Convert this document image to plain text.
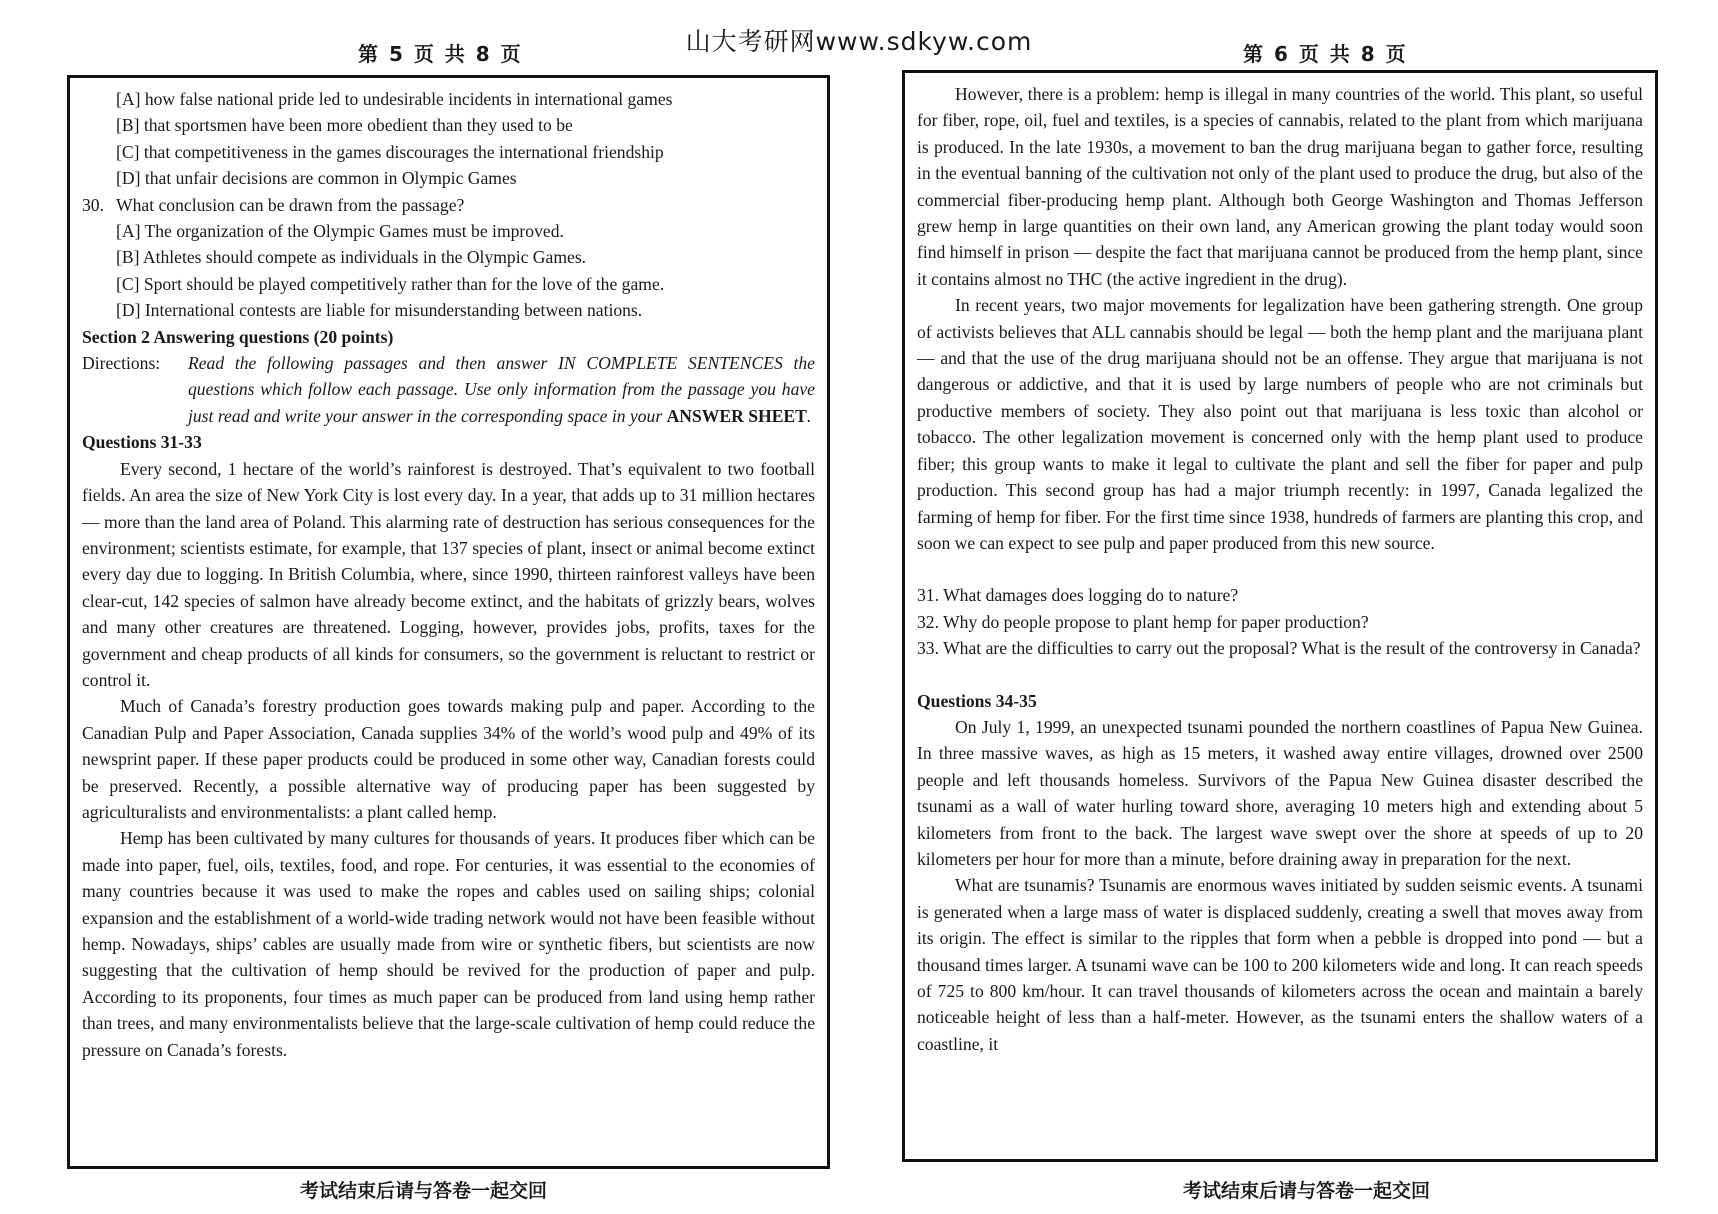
第 5 页 共 8 页	山大考研网www.sdkyw.com	第 6 页 共 8 页

[A] how false national pride led to undesirable incidents in international games

[B] that sportsmen have been more obedient than they used to be

[C] that competitiveness in the games discourages the international friendship

[D] that unfair decisions are common in Olympic Games

30. What conclusion can be drawn from the passage?

[A] The organization of the Olympic Games must be improved.

[B] Athletes should compete as individuals in the Olympic Games.

[C] Sport should be played competitively rather than for the love of the game.

[D] International contests are liable for misunderstanding between nations.

Section 2 Answering questions (20 points)

Directions:	Read the following passages and then answer IN COMPLETE SENTENCES the questions which follow each passage. Use only information from the passage you have just read and write your answer in the corresponding space in your ANSWER SHEET.

Questions 31-33

Every second, 1 hectare of the world’s rainforest is destroyed. That’s equivalent to two football fields. An area the size of New York City is lost every day. In a year, that adds up to 31 million hectares — more than the land area of Poland. This alarming rate of destruction has serious consequences for the environment; scientists estimate, for example, that 137 species of plant, insect or animal become extinct every day due to logging. In British Columbia, where, since 1990, thirteen rainforest valleys have been clear-cut, 142 species of salmon have already become extinct, and the habitats of grizzly bears, wolves and many other creatures are threatened. Logging, however, provides jobs, profits, taxes for the government and cheap products of all kinds for consumers, so the government is reluctant to restrict or control it.

Much of Canada’s forestry production goes towards making pulp and paper. According to the Canadian Pulp and Paper Association, Canada supplies 34% of the world’s wood pulp and 49% of its newsprint paper. If these paper products could be produced in some other way, Canadian forests could be preserved. Recently, a possible alternative way of producing paper has been suggested by agriculturalists and environmentalists: a plant called hemp.

Hemp has been cultivated by many cultures for thousands of years. It produces fiber which can be made into paper, fuel, oils, textiles, food, and rope. For centuries, it was essential to the economies of many countries because it was used to make the ropes and cables used on sailing ships; colonial expansion and the establishment of a world-wide trading network would not have been feasible without hemp. Nowadays, ships’ cables are usually made from wire or synthetic fibers, but scientists are now suggesting that the cultivation of hemp should be revived for the production of paper and pulp. According to its proponents, four times as much paper can be produced from land using hemp rather than trees, and many environmentalists believe that the large-scale cultivation of hemp could reduce the pressure on Canada’s forests.

However, there is a problem: hemp is illegal in many countries of the world. This plant, so useful for fiber, rope, oil, fuel and textiles, is a species of cannabis, related to the plant from which marijuana is produced. In the late 1930s, a movement to ban the drug marijuana began to gather force, resulting in the eventual banning of the cultivation not only of the plant used to produce the drug, but also of the commercial fiber-producing hemp plant. Although both George Washington and Thomas Jefferson grew hemp in large quantities on their own land, any American growing the plant today would soon find himself in prison — despite the fact that marijuana cannot be produced from the hemp plant, since it contains almost no THC (the active ingredient in the drug).

In recent years, two major movements for legalization have been gathering strength. One group of activists believes that ALL cannabis should be legal — both the hemp plant and the marijuana plant — and that the use of the drug marijuana should not be an offense. They argue that marijuana is not dangerous or addictive, and that it is used by large numbers of people who are not criminals but productive members of society. They also point out that marijuana is less toxic than alcohol or tobacco. The other legalization movement is concerned only with the hemp plant used to produce fiber; this group wants to make it legal to cultivate the plant and sell the fiber for paper and pulp production. This second group has had a major triumph recently: in 1997, Canada legalized the farming of hemp for fiber. For the first time since 1938, hundreds of farmers are planting this crop, and soon we can expect to see pulp and paper produced from this new source.

31. What damages does logging do to nature?

32. Why do people propose to plant hemp for paper production?

33. What are the difficulties to carry out the proposal? What is the result of the controversy in Canada?

Questions 34-35

On July 1, 1999, an unexpected tsunami pounded the northern coastlines of Papua New Guinea. In three massive waves, as high as 15 meters, it washed away entire villages, drowned over 2500 people and left thousands homeless. Survivors of the Papua New Guinea disaster described the tsunami as a wall of water hurling toward shore, averaging 10 meters high and extending about 5 kilometers from front to the back. The largest wave swept over the shore at speeds of up to 20 kilometers per hour for more than a minute, before draining away in preparation for the next.

What are tsunamis? Tsunamis are enormous waves initiated by sudden seismic events. A tsunami is generated when a large mass of water is displaced suddenly, creating a swell that moves away from its origin. The effect is similar to the ripples that form when a pebble is dropped into pond — but a thousand times larger. A tsunami wave can be 100 to 200 kilometers wide and long. It can reach speeds of 725 to 800 km/hour. It can travel thousands of kilometers across the ocean and maintain a barely noticeable height of less than a half-meter. However, as the tsunami enters the shallow waters of a coastline, it

考试结束后请与答卷一起交回	考试结束后请与答卷一起交回
